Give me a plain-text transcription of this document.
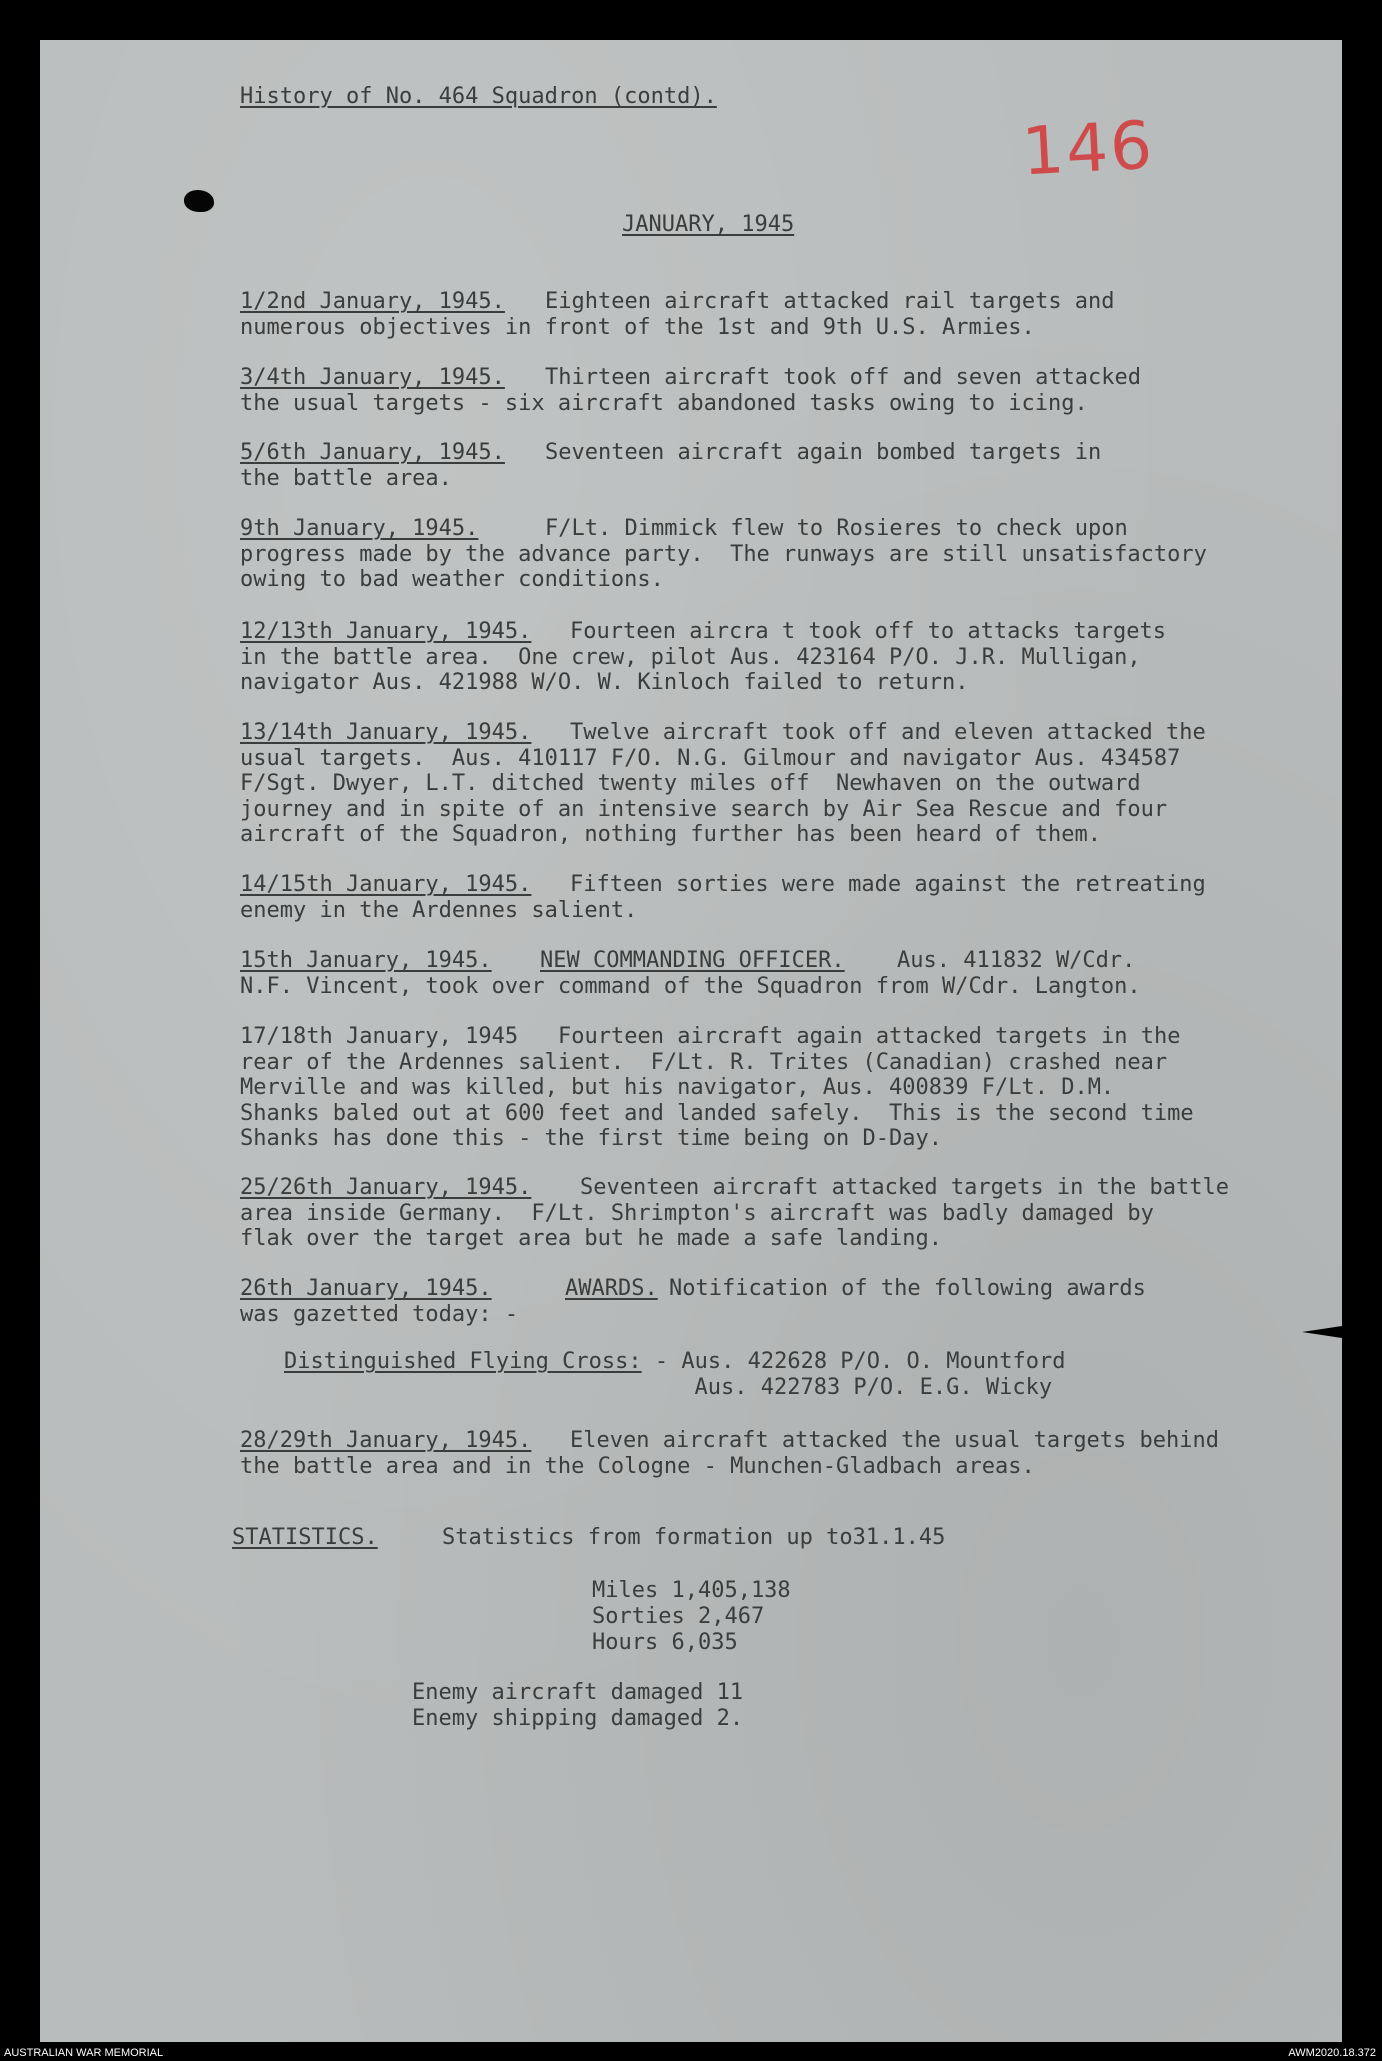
146
History of No. 464 Squadron (contd).
JANUARY, 1945
1/2nd January, 1945. Eighteen aircraft attacked rail targets and
numerous objectives in front of the 1st and 9th U.S. Armies.
3/4th January, 1945. Thirteen aircraft took off and seven attacked
the usual targets - six aircraft abandoned tasks owing to icing.
5/6th January, 1945. Seventeen aircraft again bombed targets in
the battle area.
9th January, 1945.	F/Lt. Dimmick flew to Rosieres to check upon
progress made by the advance party.  The runways are still unsatisfactory
owing to bad weather conditions.
12/13th January, 1945. Fourteen aircra t took off to attacks targets
in the battle area.  One crew, pilot Aus. 423164 P/O. J.R. Mulligan,
navigator Aus. 421988 W/O. W. Kinloch failed to return.
13/14th January, 1945. Twelve aircraft took off and eleven attacked the
usual targets.  Aus. 410117 F/O. N.G. Gilmour and navigator Aus. 434587
F/Sgt. Dwyer, L.T. ditched twenty miles off  Newhaven on the outward
journey and in spite of an intensive search by Air Sea Rescue and four
aircraft of the Squadron, nothing further has been heard of them.
14/15th January, 1945. Fifteen sorties were made against the retreating
enemy in the Ardennes salient.
15th January, 1945. NEW COMMANDING OFFICER. Aus. 411832 W/Cdr.
N.F. Vincent, took over command of the Squadron from W/Cdr. Langton.
17/18th January, 1945 Fourteen aircraft again attacked targets in the
rear of the Ardennes salient.  F/Lt. R. Trites (Canadian) crashed near
Merville and was killed, but his navigator, Aus. 400839 F/Lt. D.M.
Shanks baled out at 600 feet and landed safely.  This is the second time
Shanks has done this - the first time being on D-Day.
25/26th January, 1945. Seventeen aircraft attacked targets in the battle
area inside Germany.  F/Lt. Shrimpton's aircraft was badly damaged by
flak over the target area but he made a safe landing.
26th January, 1945.	AWARDS. Notification of the following awards
was gazetted today: -
Distinguished Flying Cross: - Aus. 422628 P/O. O. Mountford
Aus. 422783 P/O. E.G. Wicky
28/29th January, 1945. Eleven aircraft attacked the usual targets behind
the battle area and in the Cologne - Munchen-Gladbach areas.
STATISTICS.	Statistics from formation up to31.1.45
Miles 1,405,138
Sorties 2,467
Hours 6,035
Enemy aircraft damaged 11
Enemy shipping damaged 2.
AUSTRALIAN WAR MEMORIAL	AWM2020.18.372
